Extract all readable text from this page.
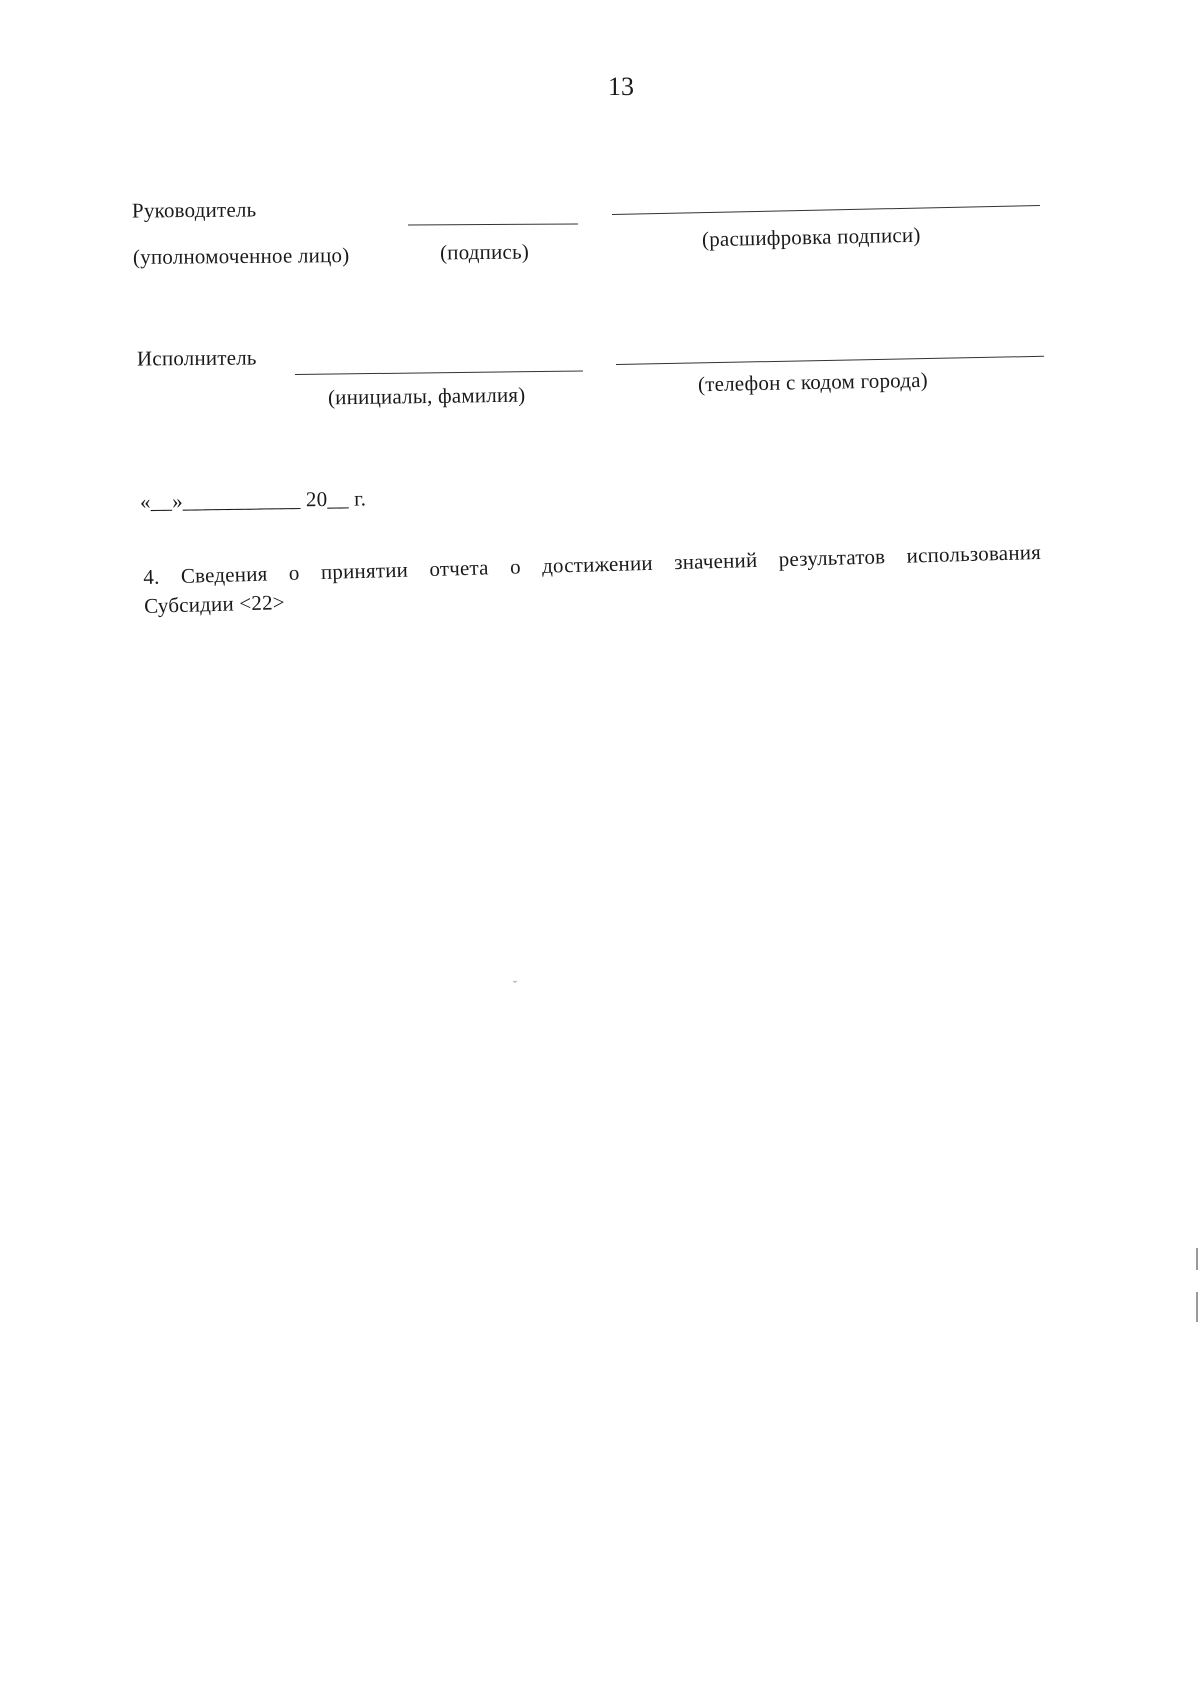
13
Руководитель
(уполномоченное лицо)	(подпись)
(расшифровка подписи)
Исполнитель
(инициалы, фамилия)	(телефон с кодом города)
«__»___________ 20__ г.
4. Сведения о принятии отчета о достижении значений результатов использования
Субсидии <22>
ˇ
